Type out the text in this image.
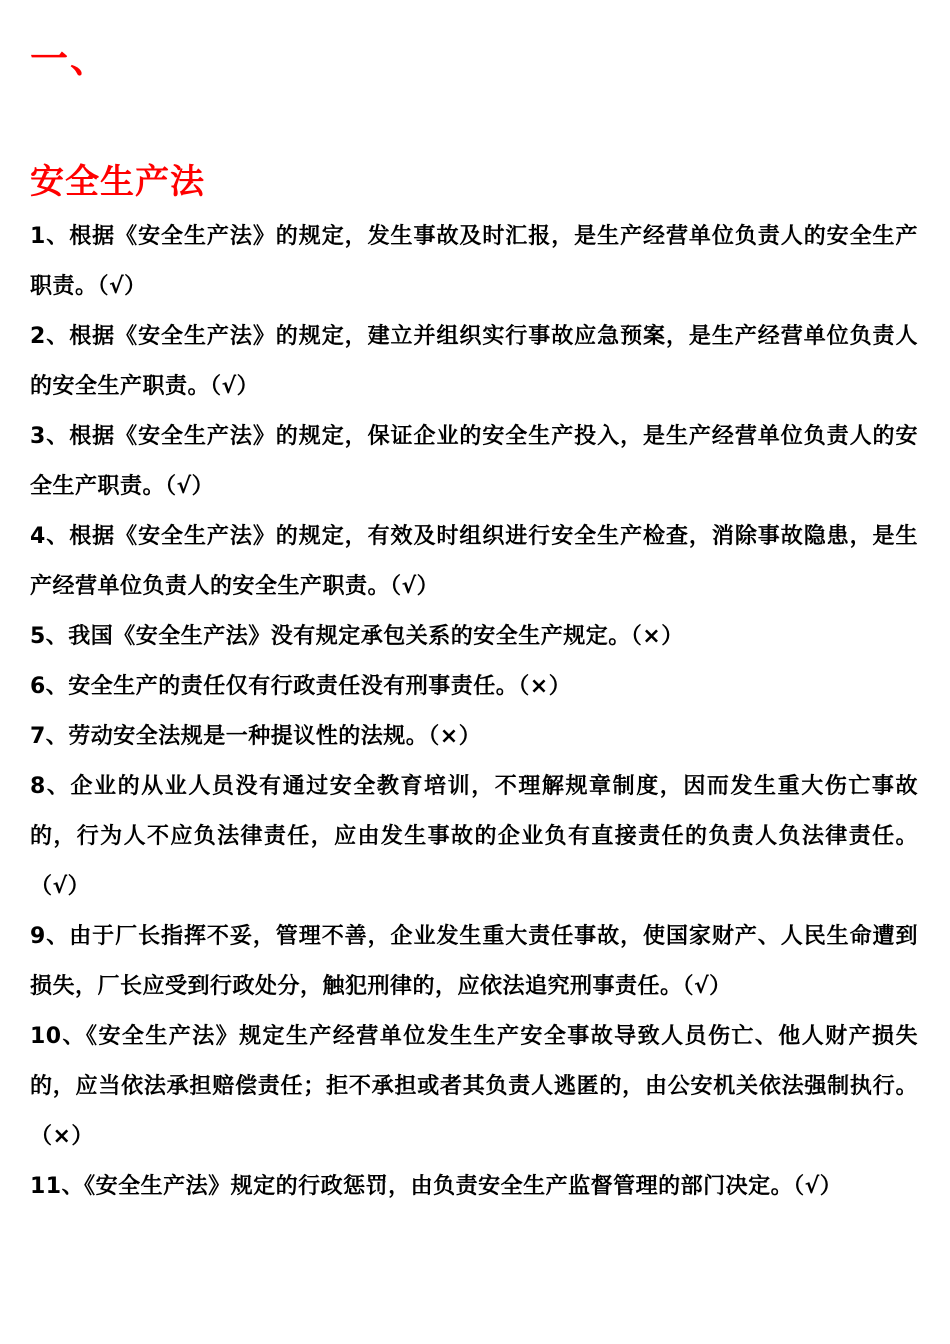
一、
安全生产法

1、根据《安全生产法》的规定，发生事故及时汇报，是生产经营单位负责人的安全生产职责。（√）

2、根据《安全生产法》的规定，建立并组织实行事故应急预案，是生产经营单位负责人的安全生产职责。（√）

3、根据《安全生产法》的规定，保证企业的安全生产投入，是生产经营单位负责人的安全生产职责。（√）

4、根据《安全生产法》的规定，有效及时组织进行安全生产检查，消除事故隐患，是生产经营单位负责人的安全生产职责。（√）

5、我国《安全生产法》没有规定承包关系的安全生产规定。（×）

6、安全生产的责任仅有行政责任没有刑事责任。（×）

7、劳动安全法规是一种提议性的法规。（×）

8、企业的从业人员没有通过安全教育培训，不理解规章制度，因而发生重大伤亡事故的，行为人不应负法律责任，应由发生事故的企业负有直接责任的负责人负法律责任。（√）

9、由于厂长指挥不妥，管理不善，企业发生重大责任事故，使国家财产、人民生命遭到损失，厂长应受到行政处分，触犯刑律的，应依法追究刑事责任。（√）

10、《安全生产法》规定生产经营单位发生生产安全事故导致人员伤亡、他人财产损失的，应当依法承担赔偿责任；拒不承担或者其负责人逃匿的，由公安机关依法强制执行。（×）

11、《安全生产法》规定的行政惩罚，由负责安全生产监督管理的部门决定。（√）
